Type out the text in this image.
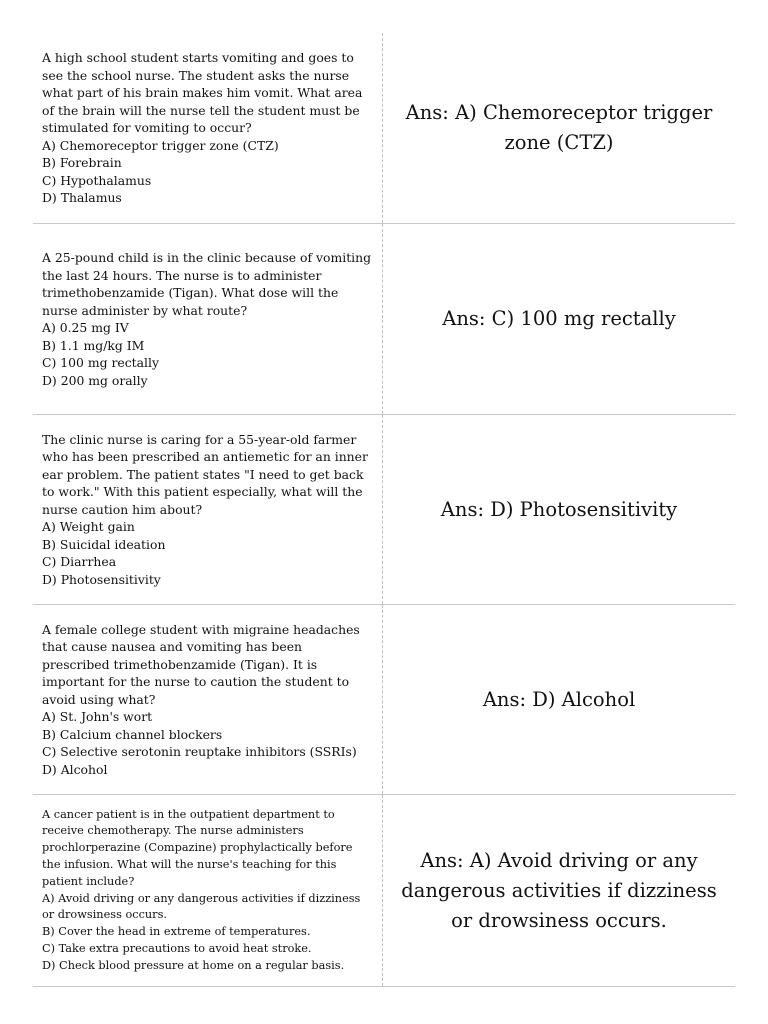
A high school student starts vomiting and goes to see the school nurse. The student asks the nurse what part of his brain makes him vomit. What area of the brain will the nurse tell the student must be stimulated for vomiting to occur?
A) Chemoreceptor trigger zone (CTZ)
B) Forebrain
C) Hypothalamus
D) Thalamus
Ans: A) Chemoreceptor trigger zone (CTZ)
A 25-pound child is in the clinic because of vomiting the last 24 hours. The nurse is to administer trimethobenzamide (Tigan). What dose will the nurse administer by what route?
A) 0.25 mg IV
B) 1.1 mg/kg IM
C) 100 mg rectally
D) 200 mg orally
Ans: C) 100 mg rectally
The clinic nurse is caring for a 55-year-old farmer who has been prescribed an antiemetic for an inner ear problem. The patient states "I need to get back to work." With this patient especially, what will the nurse caution him about?
A) Weight gain
B) Suicidal ideation
C) Diarrhea
D) Photosensitivity
Ans: D) Photosensitivity
A female college student with migraine headaches that cause nausea and vomiting has been prescribed trimethobenzamide (Tigan). It is important for the nurse to caution the student to avoid using what?
A) St. John's wort
B) Calcium channel blockers
C) Selective serotonin reuptake inhibitors (SSRIs)
D) Alcohol
Ans: D) Alcohol
A cancer patient is in the outpatient department to receive chemotherapy. The nurse administers prochlorperazine (Compazine) prophylactically before the infusion. What will the nurse's teaching for this patient include?
A) Avoid driving or any dangerous activities if dizziness or drowsiness occurs.
B) Cover the head in extreme of temperatures.
C) Take extra precautions to avoid heat stroke.
D) Check blood pressure at home on a regular basis.
Ans: A) Avoid driving or any dangerous activities if dizziness or drowsiness occurs.
